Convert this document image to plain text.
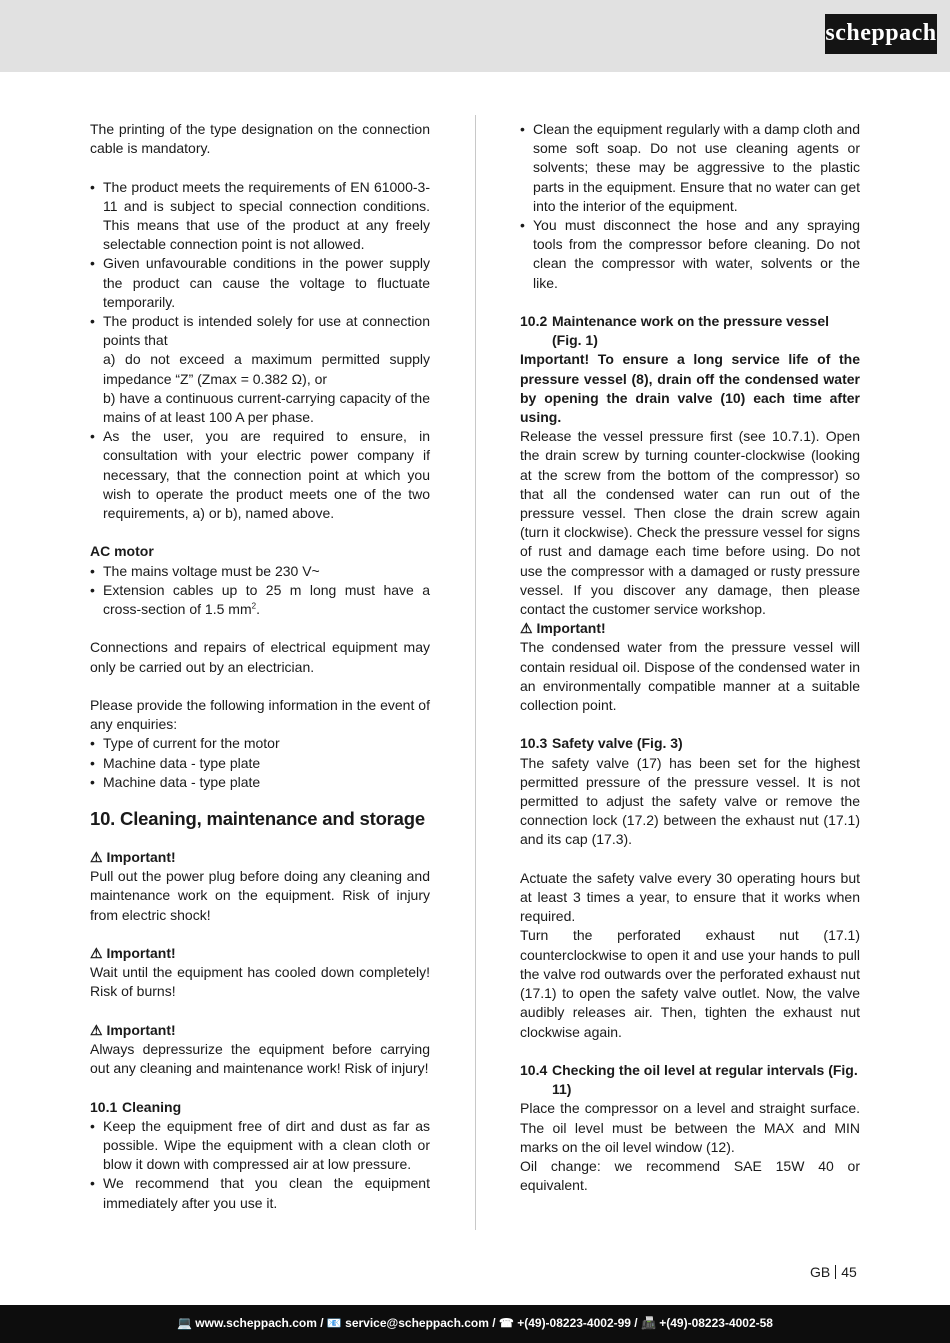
scheppach

The printing of the type designation on the connection cable is mandatory.

• The product meets the requirements of EN 61000-3-11 and is subject to special connection conditions. This means that use of the product at any freely selectable connection point is not allowed.
• Given unfavourable conditions in the power supply the product can cause the voltage to fluctuate temporarily.
• The product is intended solely for use at connection points that
a) do not exceed a maximum permitted supply impedance “Z” (Zmax = 0.382 Ω), or
b) have a continuous current-carrying capacity of the mains of at least 100 A per phase.
• As the user, you are required to ensure, in consultation with your electric power company if necessary, that the connection point at which you wish to operate the product meets one of the two requirements, a) or b), named above.

AC motor

• The mains voltage must be 230 V~
• Extension cables up to 25 m long must have a cross-section of 1.5 $mm^2$.

Connections and repairs of electrical equipment may only be carried out by an electrician.

Please provide the following information in the event of any enquiries:

• Type of current for the motor
• Machine data - type plate
• Machine data - type plate

10. Cleaning, maintenance and storage

⚠ Important!

Pull out the power plug before doing any cleaning and maintenance work on the equipment. Risk of injury from electric shock!

⚠ Important!

Wait until the equipment has cooled down completely! Risk of burns!

⚠ Important!

Always depressurize the equipment before carrying out any cleaning and maintenance work! Risk of injury!

10.1 Cleaning
• Keep the equipment free of dirt and dust as far as possible. Wipe the equipment with a clean cloth or blow it down with compressed air at low pressure.
• We recommend that you clean the equipment immediately after you use it.
• Clean the equipment regularly with a damp cloth and some soft soap. Do not use cleaning agents or solvents; these may be aggressive to the plastic parts in the equipment. Ensure that no water can get into the interior of the equipment.
• You must disconnect the hose and any spraying tools from the compressor before cleaning. Do not clean the compressor with water, solvents or the like.
10.2 Maintenance work on the pressure vessel (Fig. 1)

Important! To ensure a long service life of the pressure vessel (8), drain off the condensed water by opening the drain valve (10) each time after using.

Release the vessel pressure first (see 10.7.1). Open the drain screw by turning counter-clockwise (looking at the screw from the bottom of the compressor) so that all the condensed water can run out of the pressure vessel. Then close the drain screw again (turn it clockwise). Check the pressure vessel for signs of rust and damage each time before using. Do not use the compressor with a damaged or rusty pressure vessel. If you discover any damage, then please contact the customer service workshop.

⚠ Important!

The condensed water from the pressure vessel will contain residual oil. Dispose of the condensed water in an environmentally compatible manner at a suitable collection point.

10.3 Safety valve (Fig. 3)

The safety valve (17) has been set for the highest permitted pressure of the pressure vessel. It is not permitted to adjust the safety valve or remove the connection lock (17.2) between the exhaust nut (17.1) and its cap (17.3).

Actuate the safety valve every 30 operating hours but at least 3 times a year, to ensure that it works when required.

Turn the perforated exhaust nut (17.1) counterclockwise to open it and use your hands to pull the valve rod outwards over the perforated exhaust nut (17.1) to open the safety valve outlet. Now, the valve audibly releases air. Then, tighten the exhaust nut clockwise again.

10.4 Checking the oil level at regular intervals (Fig. 11)

Place the compressor on a level and straight surface. The oil level must be between the MAX and MIN marks on the oil level window (12).

Oil change: we recommend SAE 15W 40 or equivalent.

GB 45
💻 www.scheppach.com / 📧 service@scheppach.com / ☎ +(49)-08223-4002-99 / 📠 +(49)-08223-4002-58
